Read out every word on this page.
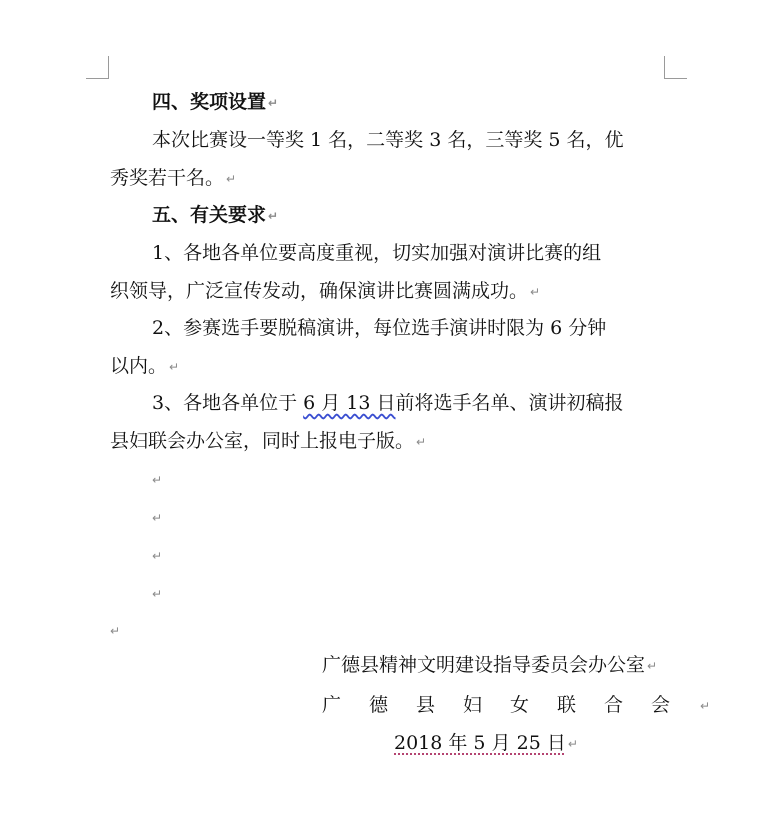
四、奖项设置 ↵
本次比赛设一等奖 1 名，二等奖 3 名，三等奖 5 名，优
秀奖若干名。 ↵
五、有关要求 ↵
1、各地各单位要高度重视，切实加强对演讲比赛的组
织领导，广泛宣传发动，确保演讲比赛圆满成功。 ↵
2、参赛选手要脱稿演讲，每位选手演讲时限为 6 分钟
以内。 ↵
3、各地各单位于 6 月 13 日前将选手名单、演讲初稿报
县妇联会办公室，同时上报电子版。 ↵
↵
↵
↵
↵
↵
广德县精神文明建设指导委员会办公室 ↵
广德县妇女联合会 ↵
2018 年 5 月 25 日 ↵
